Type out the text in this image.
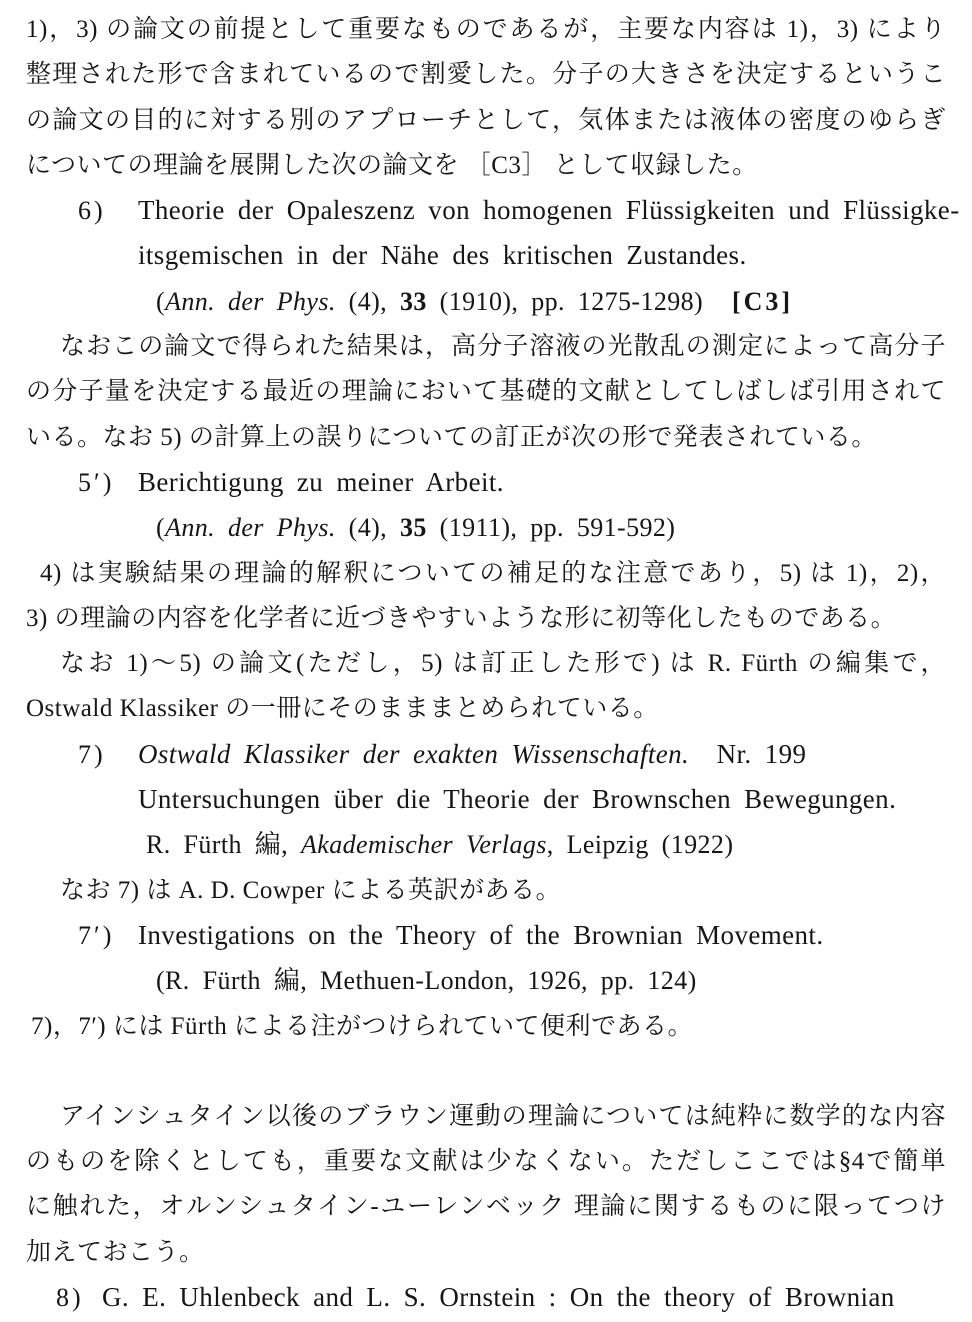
1)，3) の論文の前提として重要なものであるが，主要な内容は 1)，3) により
整理された形で含まれているので割愛した。分子の大きさを決定するというこ
の論文の目的に対する別のアプローチとして，気体または液体の密度のゆらぎ
についての理論を展開した次の論文を ［C3］ として収録した。
6) Theorie der Opaleszenz von homogenen Flüssigkeiten und Flüssigke-
itsgemischen in der Nähe des kritischen Zustandes.
(Ann. der Phys. (4), 33 (1910), pp. 1275-1298) [C3]
なおこの論文で得られた結果は，高分子溶液の光散乱の測定によって高分子
の分子量を決定する最近の理論において基礎的文献としてしばしば引用されて
いる。なお 5) の計算上の誤りについての訂正が次の形で発表されている。
5′) Berichtigung zu meiner Arbeit.
(Ann. der Phys. (4), 35 (1911), pp. 591-592)
4) は実験結果の理論的解釈についての補足的な注意であり，5) は 1)，2)，
3) の理論の内容を化学者に近づきやすいような形に初等化したものである。
なお 1)～5) の論文(ただし，5) は訂正した形で) は R. Fürth の編集で，
Ostwald Klassiker の一冊にそのまままとめられている。
7) Ostwald Klassiker der exakten Wissenschaften.　Nr. 199
Untersuchungen über die Theorie der Brownschen Bewegungen.
R. Fürth 編, Akademischer Verlags, Leipzig (1922)
なお 7) は A. D. Cowper による英訳がある。
7′) Investigations on the Theory of the Brownian Movement.
(R. Fürth 編, Methuen-London, 1926, pp. 124)
7)，7′) には Fürth による注がつけられていて便利である。
アインシュタイン以後のブラウン運動の理論については純粋に数学的な内容
のものを除くとしても，重要な文献は少なくない。ただしここでは§4で簡単
に触れた，オルンシュタイン-ユーレンベック 理論に関するものに限ってつけ
加えておこう。
8) G. E. Uhlenbeck and L. S. Ornstein : On the theory of Brownian
